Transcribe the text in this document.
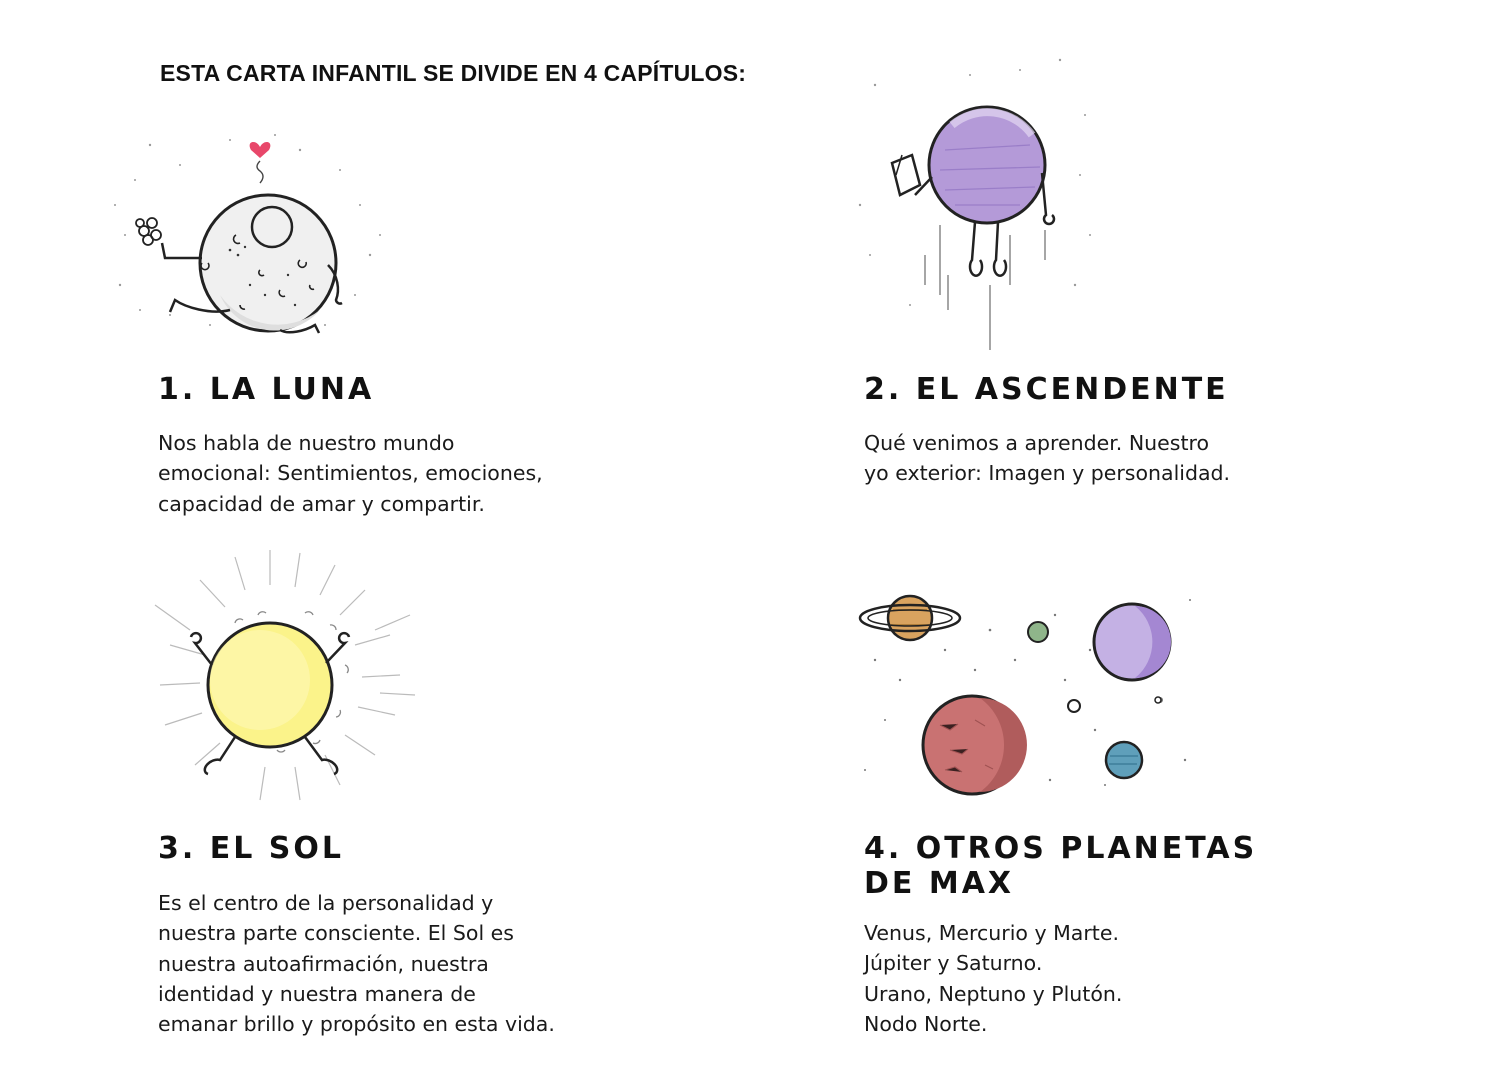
ESTA CARTA INFANTIL SE DIVIDE EN 4 CAPÍTULOS:
1. LA LUNA

Nos habla de nuestro mundo
emocional: Sentimientos, emociones,
capacidad de amar y compartir.

2. EL ASCENDENTE

Qué venimos a aprender. Nuestro
yo exterior: Imagen y personalidad.

3. EL SOL

Es el centro de la personalidad y
nuestra parte consciente. El Sol es
nuestra autoafirmación, nuestra
identidad y nuestra manera de
emanar brillo y propósito en esta vida.

4. OTROS PLANETAS
DE MAX

Venus, Mercurio y Marte.
Júpiter y Saturno.
Urano, Neptuno y Plutón.
Nodo Norte.
